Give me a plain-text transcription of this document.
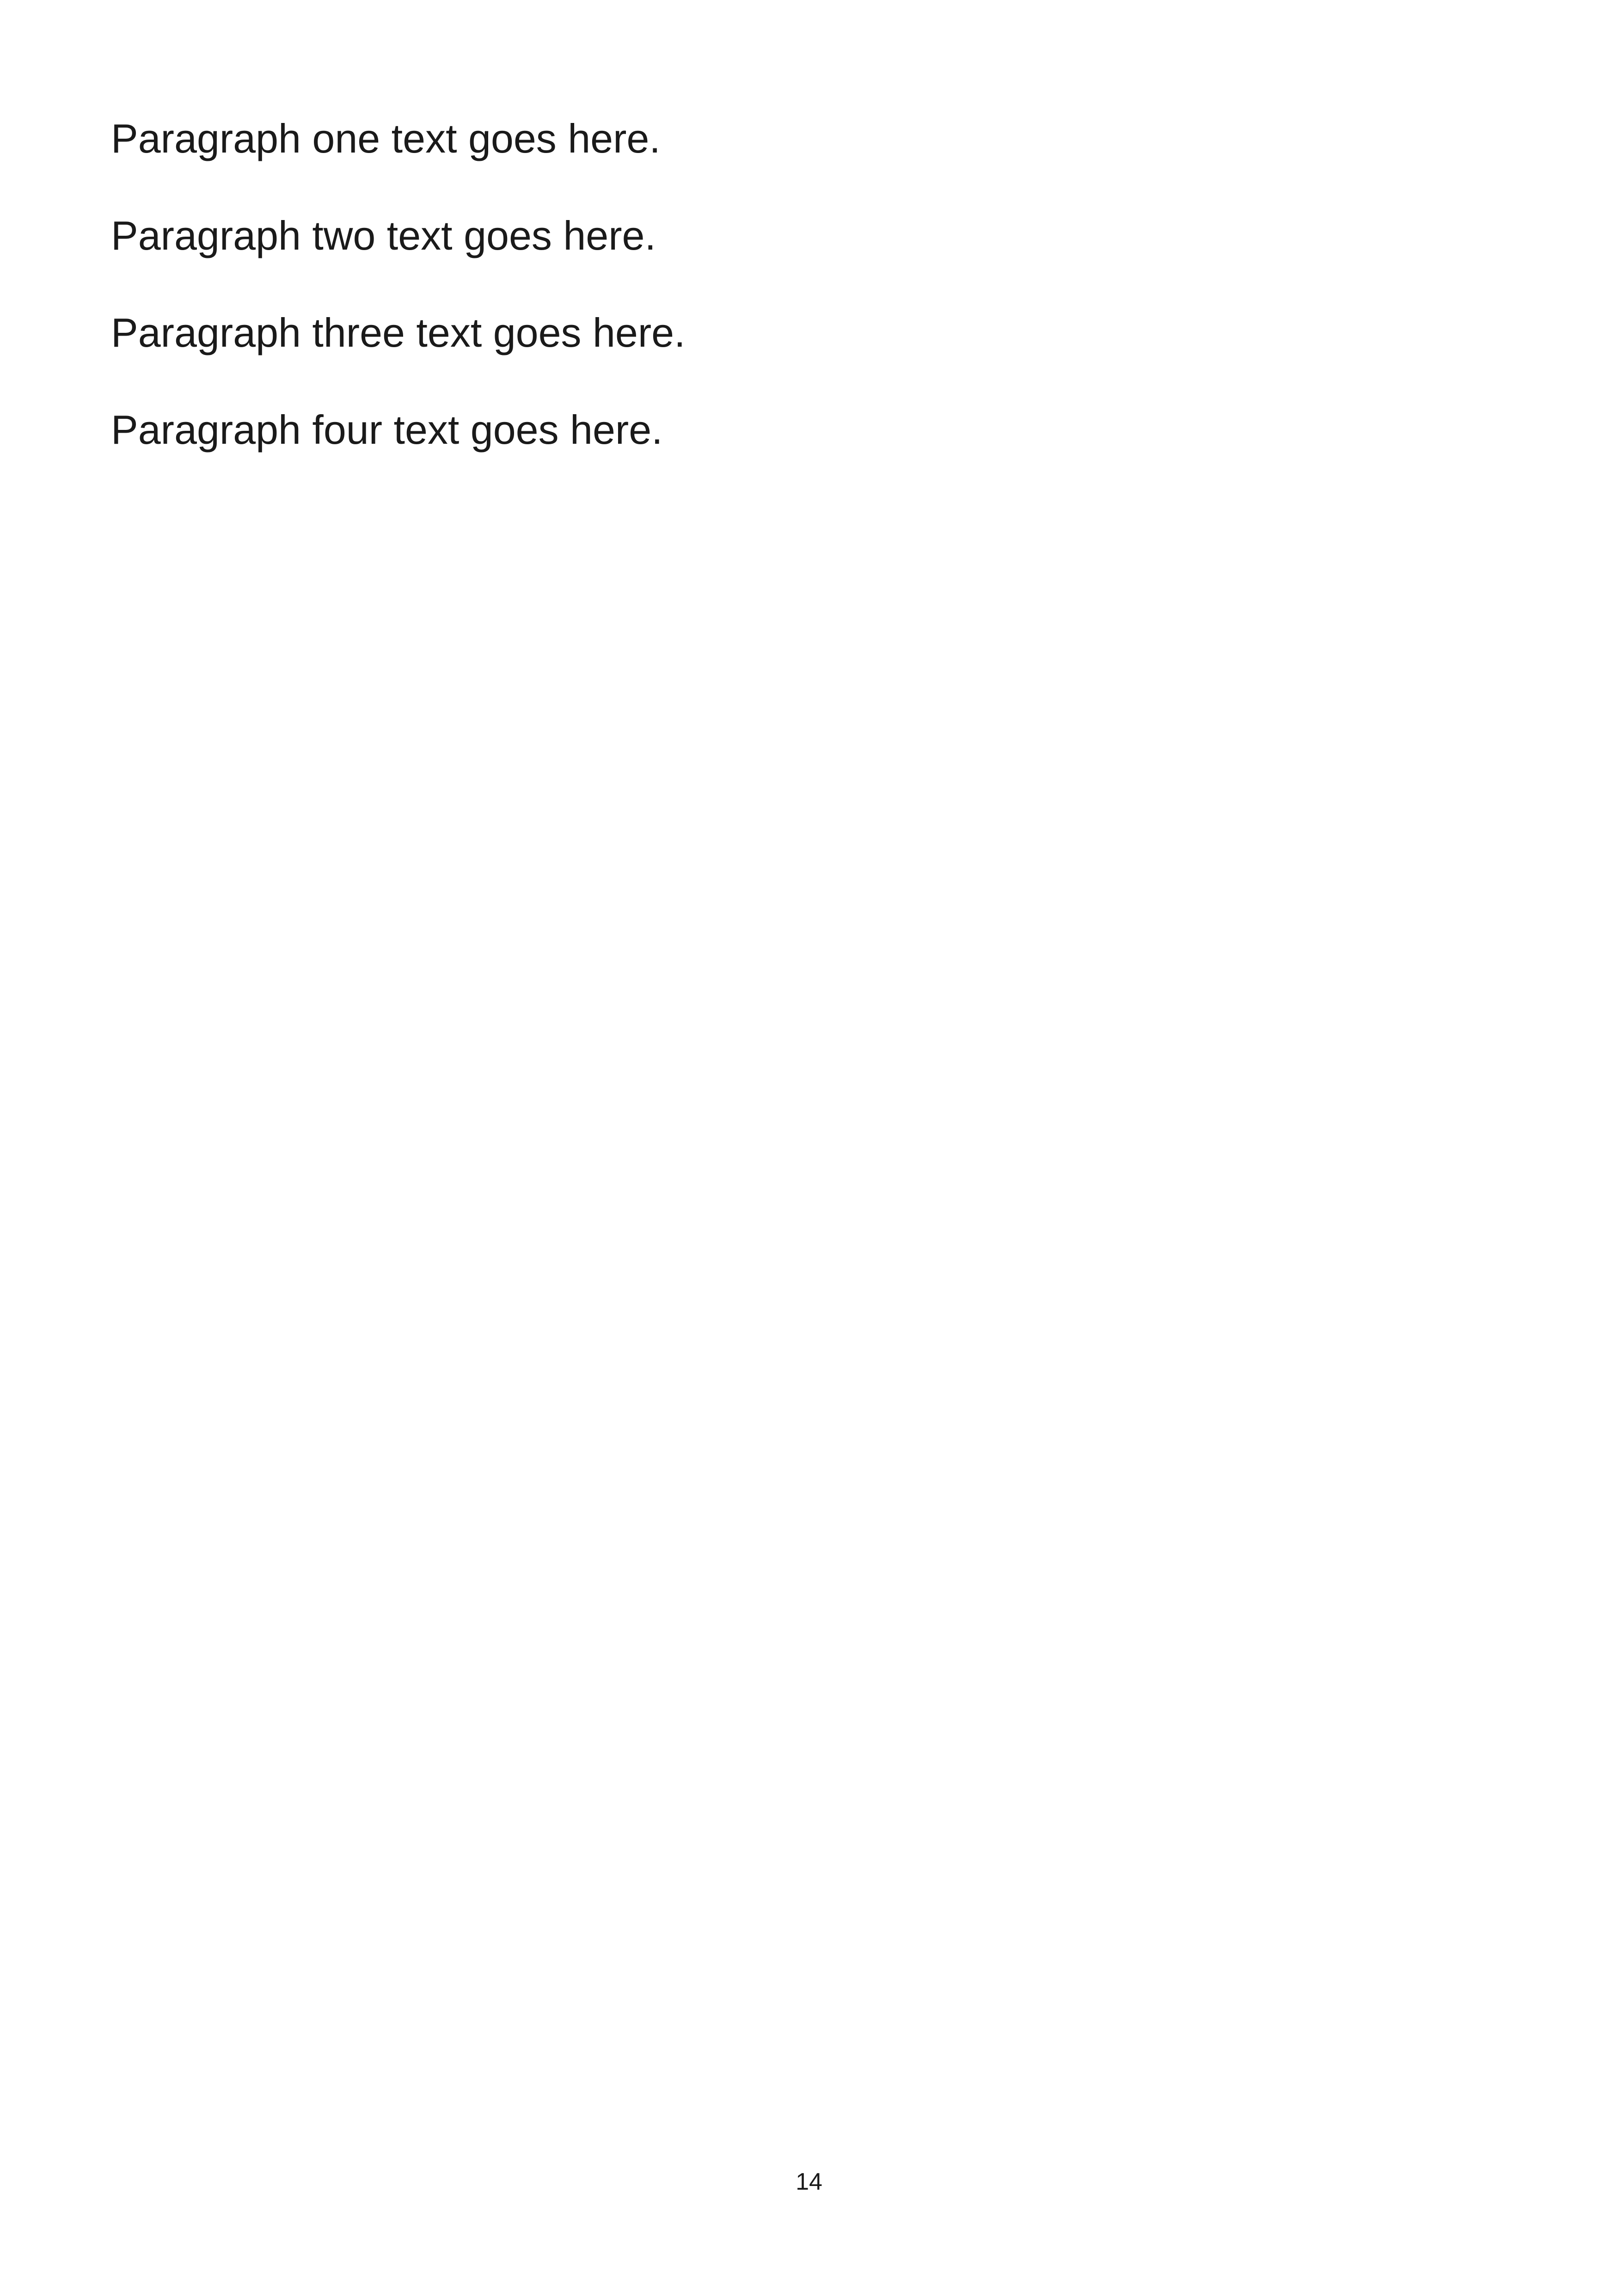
Paragraph one text goes here.

Paragraph two text goes here.

Paragraph three text goes here.

Paragraph four text goes here.

14
